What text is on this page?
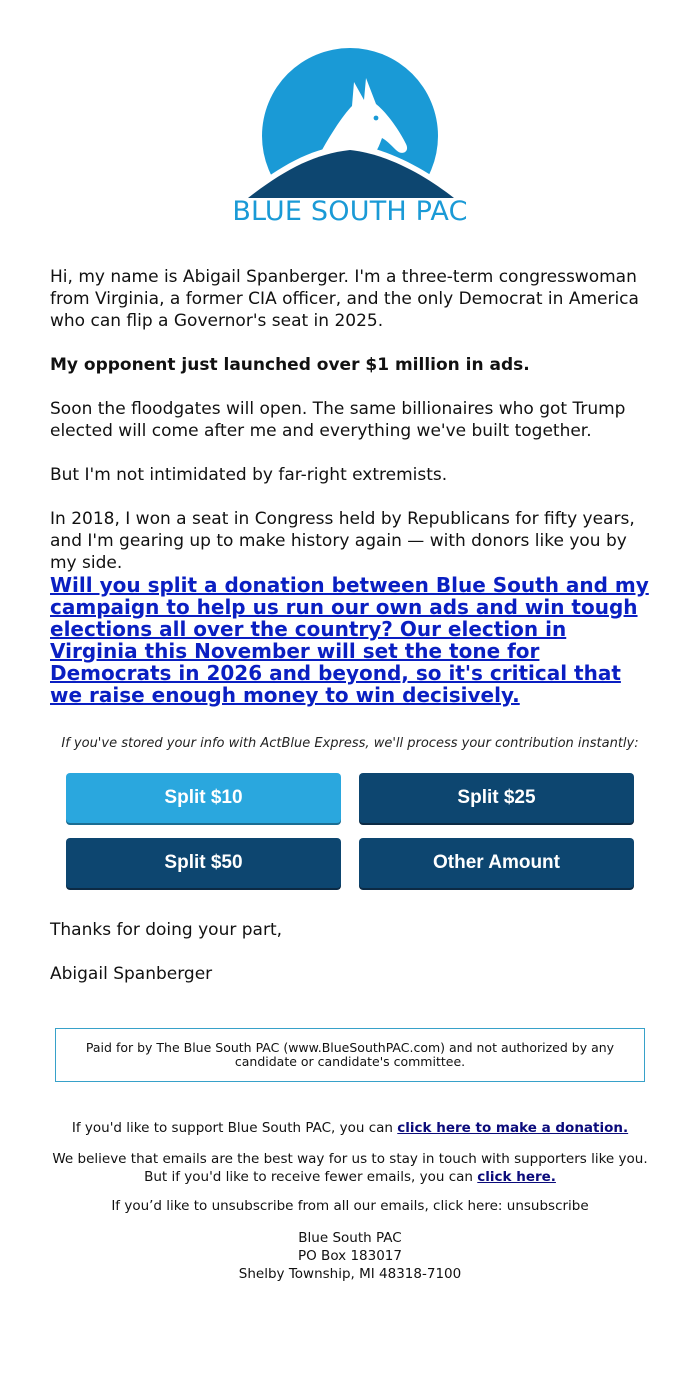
BLUE SOUTH PAC

Hi, my name is Abigail Spanberger. I'm a three-term congresswoman from Virginia, a former CIA officer, and the only Democrat in America who can flip a Governor's seat in 2025.

My opponent just launched over $1 million in ads.

Soon the floodgates will open. The same billionaires who got Trump elected will come after me and everything we've built together.

But I'm not intimidated by far-right extremists.

In 2018, I won a seat in Congress held by Republicans for fifty years, and I'm gearing up to make history again — with donors like you by my side.

Will you split a donation between Blue South and my campaign to help us run our own ads and win tough elections all over the country? Our election in Virginia this November will set the tone for Democrats in 2026 and beyond, so it's critical that we raise enough money to win decisively.
If you've stored your info with ActBlue Express, we'll process your contribution instantly:
Split $10	Split $25
Split $50	Other Amount

Thanks for doing your part,

Abigail Spanberger

Paid for by The Blue South PAC (www.BlueSouthPAC.com) and not authorized by any candidate or candidate's committee.

If you'd like to support Blue South PAC, you can click here to make a donation.

We believe that emails are the best way for us to stay in touch with supporters like you. But if you'd like to receive fewer emails, you can click here.

If you’d like to unsubscribe from all our emails, click here: unsubscribe

Blue South PAC
PO Box 183017
Shelby Township, MI 48318-7100
